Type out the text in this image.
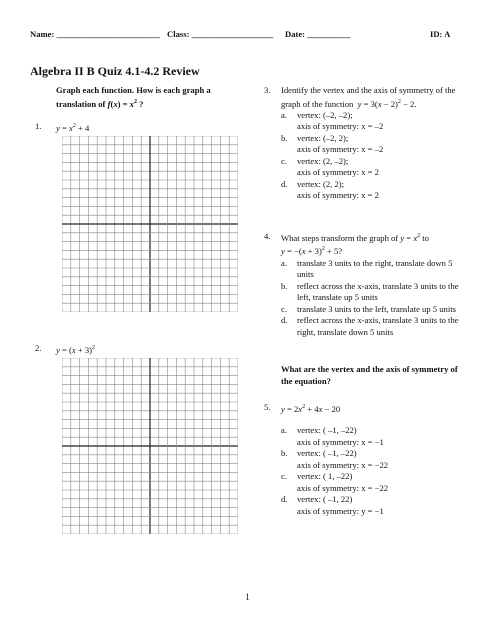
Name: ________________________ Class: ___________________ Date: __________	ID: A
Algebra II B Quiz 4.1-4.2 Review
Graph each function. How is each graph a
translation of $f(x) = x^2$ ?
1. $y = x^2 + 4$
2. $y = (x + 3)^2$
3. Identify the vertex and the axis of symmetry of the
graph of the function  $y = 3(x - 2)^2 - 2$.
a. vertex: (–2, –2);
axis of symmetry: x = –2
b. vertex: (–2, 2);
axis of symmetry: x = –2
c. vertex: (2, –2);
axis of symmetry: x = 2
d. vertex: (2, 2);
axis of symmetry: x = 2
4. What steps transform the graph of $y = x^2$ to
$y = -(x + 3)^2 + 5$?
a. translate 3 units to the right, translate down 5
units
b. reflect across the x-axis, translate 3 units to the
left, translate up 5 units
c. translate 3 units to the left, translate up 5 units
d. reflect across the x-axis, translate 3 units to the
right, translate down 5 units
What are the vertex and the axis of symmetry of
the equation?
5. $y = 2x^2 + 4x - 20$
a. vertex: ( –1, –22)
axis of symmetry: x = −1
b. vertex: ( –1, –22)
axis of symmetry: x = −22
c. vertex: ( 1, –22)
axis of symmetry: x = −22
d. vertex: ( –1, 22)
axis of symmetry: y = −1
1
